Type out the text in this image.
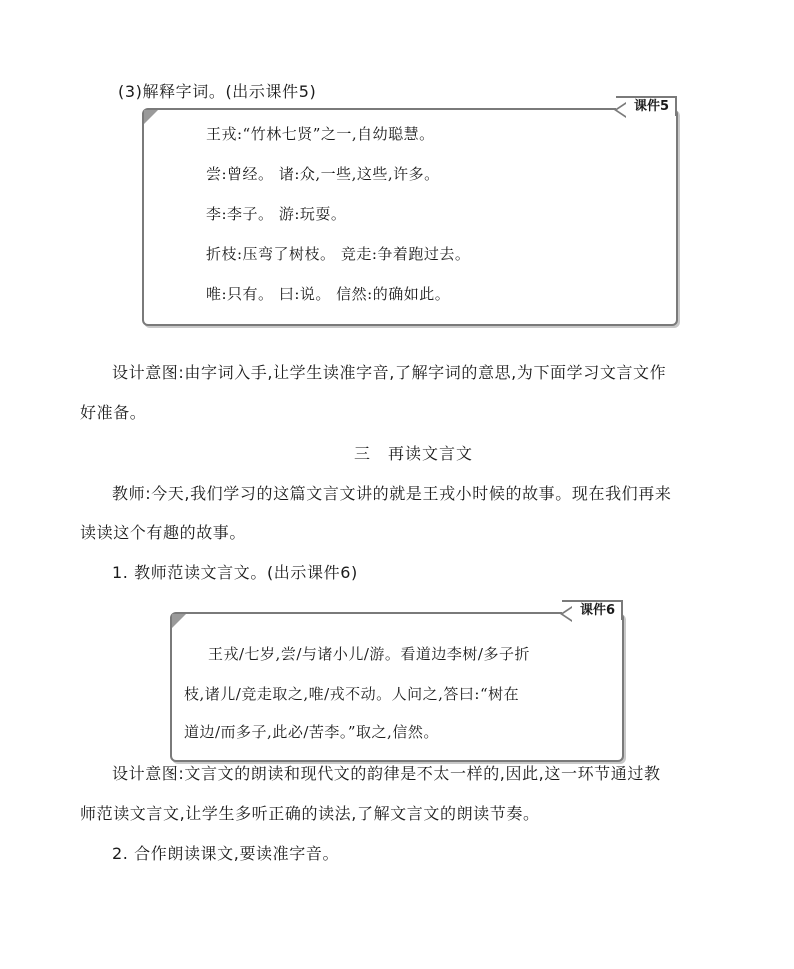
(3)解释字词。(出示课件5)
课件5
王戎:“竹林七贤”之一,自幼聪慧。
尝:曾经。 诸:众,一些,这些,许多。
李:李子。 游:玩耍。
折枝:压弯了树枝。 竞走:争着跑过去。
唯:只有。 曰:说。 信然:的确如此。
设计意图:由字词入手,让学生读准字音,了解字词的意思,为下面学习文言文作
好准备。
三　再读文言文
教师:今天,我们学习的这篇文言文讲的就是王戎小时候的故事。现在我们再来
读读这个有趣的故事。
1. 教师范读文言文。(出示课件6)
课件6
王戎/七岁,尝/与诸小儿/游。看道边李树/多子折
枝,诸儿/竞走取之,唯/戎不动。人问之,答曰:“树在
道边/而多子,此必/苦李。”取之,信然。
设计意图:文言文的朗读和现代文的韵律是不太一样的,因此,这一环节通过教
师范读文言文,让学生多听正确的读法,了解文言文的朗读节奏。
2. 合作朗读课文,要读准字音。
